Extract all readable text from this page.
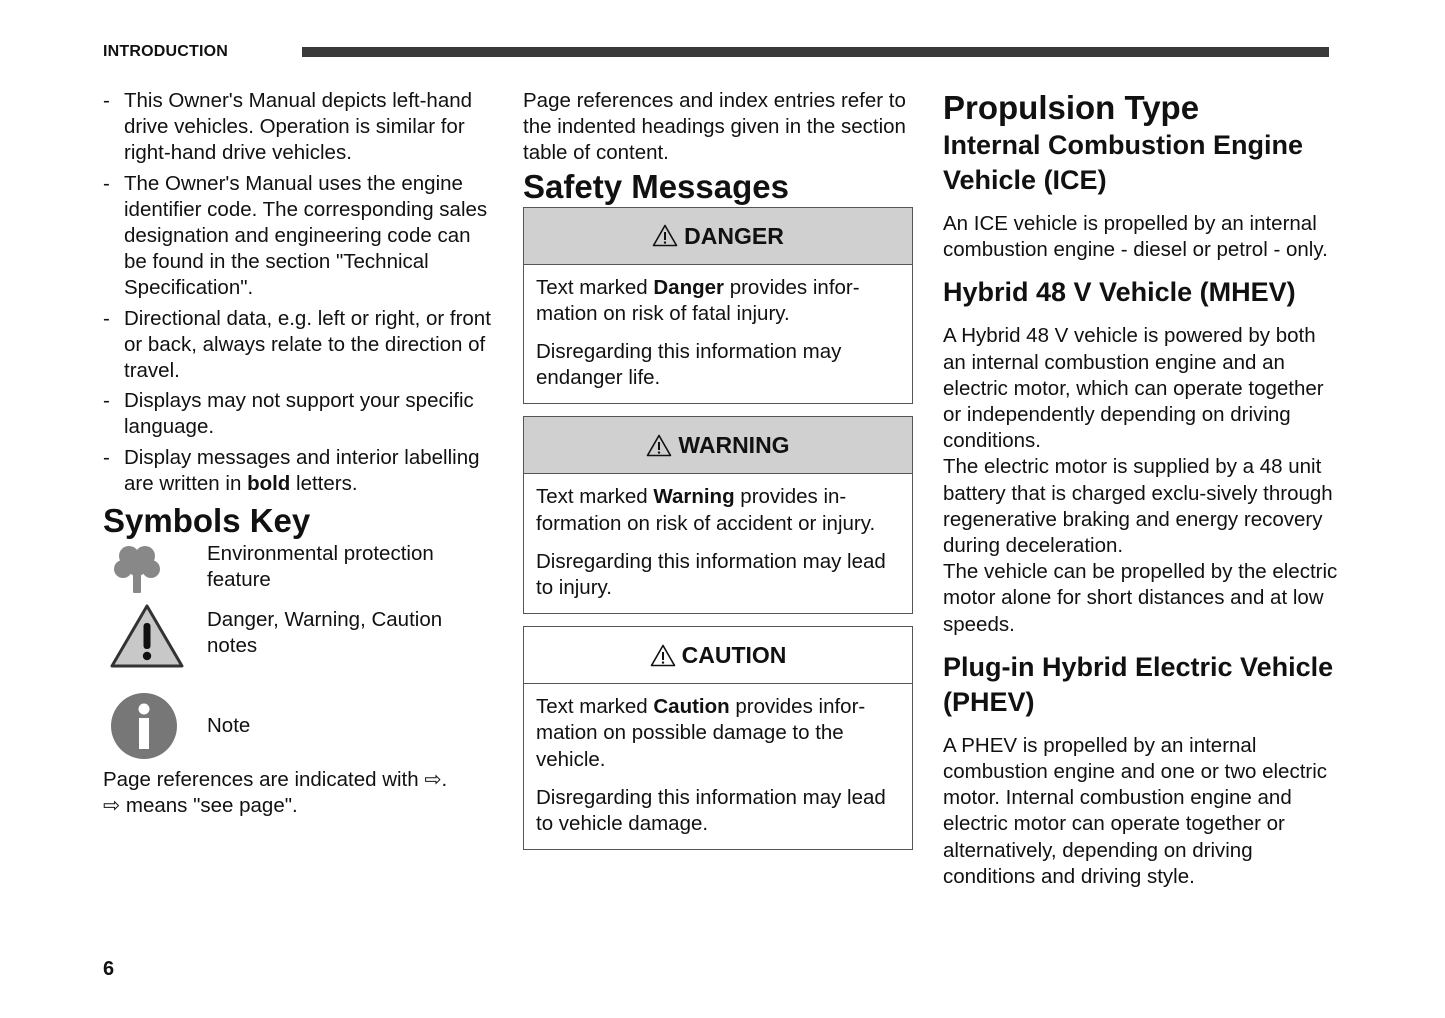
INTRODUCTION
- This Owner's Manual depicts left-hand drive vehicles. Operation is similar for right-hand drive vehicles.
- The Owner's Manual uses the engine identifier code. The corresponding sales designation and engineering code can be found in the section "Technical Specification".
- Directional data, e.g. left or right, or front or back, always relate to the direction of travel.
- Displays may not support your specific language.
- Display messages and interior labelling are written in bold letters.
Symbols Key
Environmental protection feature
Danger, Warning, Caution notes
Note
Page references are indicated with ⇨.
⇨ means "see page".

Page references and index entries refer to the indented headings given in the section table of content.

Safety Messages
DANGER

Text marked Danger provides infor-mation on risk of fatal injury.

Disregarding this information may endanger life.

WARNING

Text marked Warning provides in-formation on risk of accident or injury.

Disregarding this information may lead to injury.

CAUTION

Text marked Caution provides infor-mation on possible damage to the vehicle.

Disregarding this information may lead to vehicle damage.

Propulsion Type
Internal Combustion Engine Vehicle (ICE)

An ICE vehicle is propelled by an internal combustion engine - diesel or petrol - only.

Hybrid 48 V Vehicle (MHEV)

A Hybrid 48 V vehicle is powered by both an internal combustion engine and an electric motor, which can operate together or independently depending on driving conditions.

The electric motor is supplied by a 48 unit battery that is charged exclu-sively through regenerative braking and energy recovery during deceleration.

The vehicle can be propelled by the electric motor alone for short distances and at low speeds.

Plug-in Hybrid Electric Vehicle (PHEV)

A PHEV is propelled by an internal combustion engine and one or two electric motor. Internal combustion engine and electric motor can operate together or alternatively, depending on driving conditions and driving style.

6
